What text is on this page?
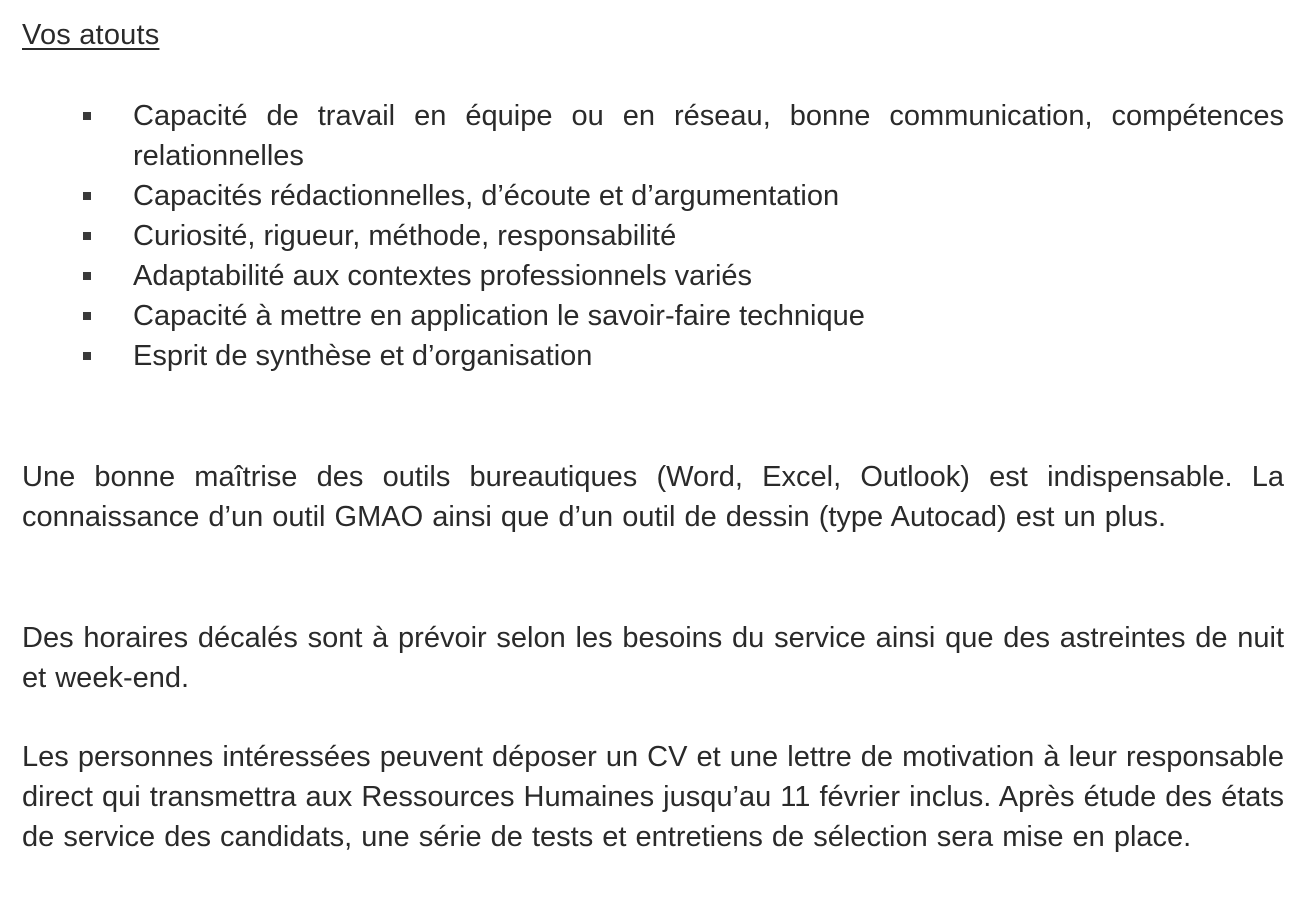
Vos atouts
Capacité de travail en équipe ou en réseau, bonne communication, compétences relationnelles
Capacités rédactionnelles, d’écoute et d’argumentation
Curiosité, rigueur, méthode, responsabilité
Adaptabilité aux contextes professionnels variés
Capacité à mettre en application le savoir-faire technique
Esprit de synthèse et d’organisation

Une bonne maîtrise des outils bureautiques (Word, Excel, Outlook) est indispensable. La connaissance d’un outil GMAO ainsi que d’un outil de dessin (type Autocad) est un plus.

Des horaires décalés sont à prévoir selon les besoins du service ainsi que des astreintes de nuit et week-end.

Les personnes intéressées peuvent déposer un CV et une lettre de motivation à leur responsable direct qui transmettra aux Ressources Humaines jusqu’au 11 février inclus. Après étude des états de service des candidats, une série de tests et entretiens de sélection sera mise en place.
